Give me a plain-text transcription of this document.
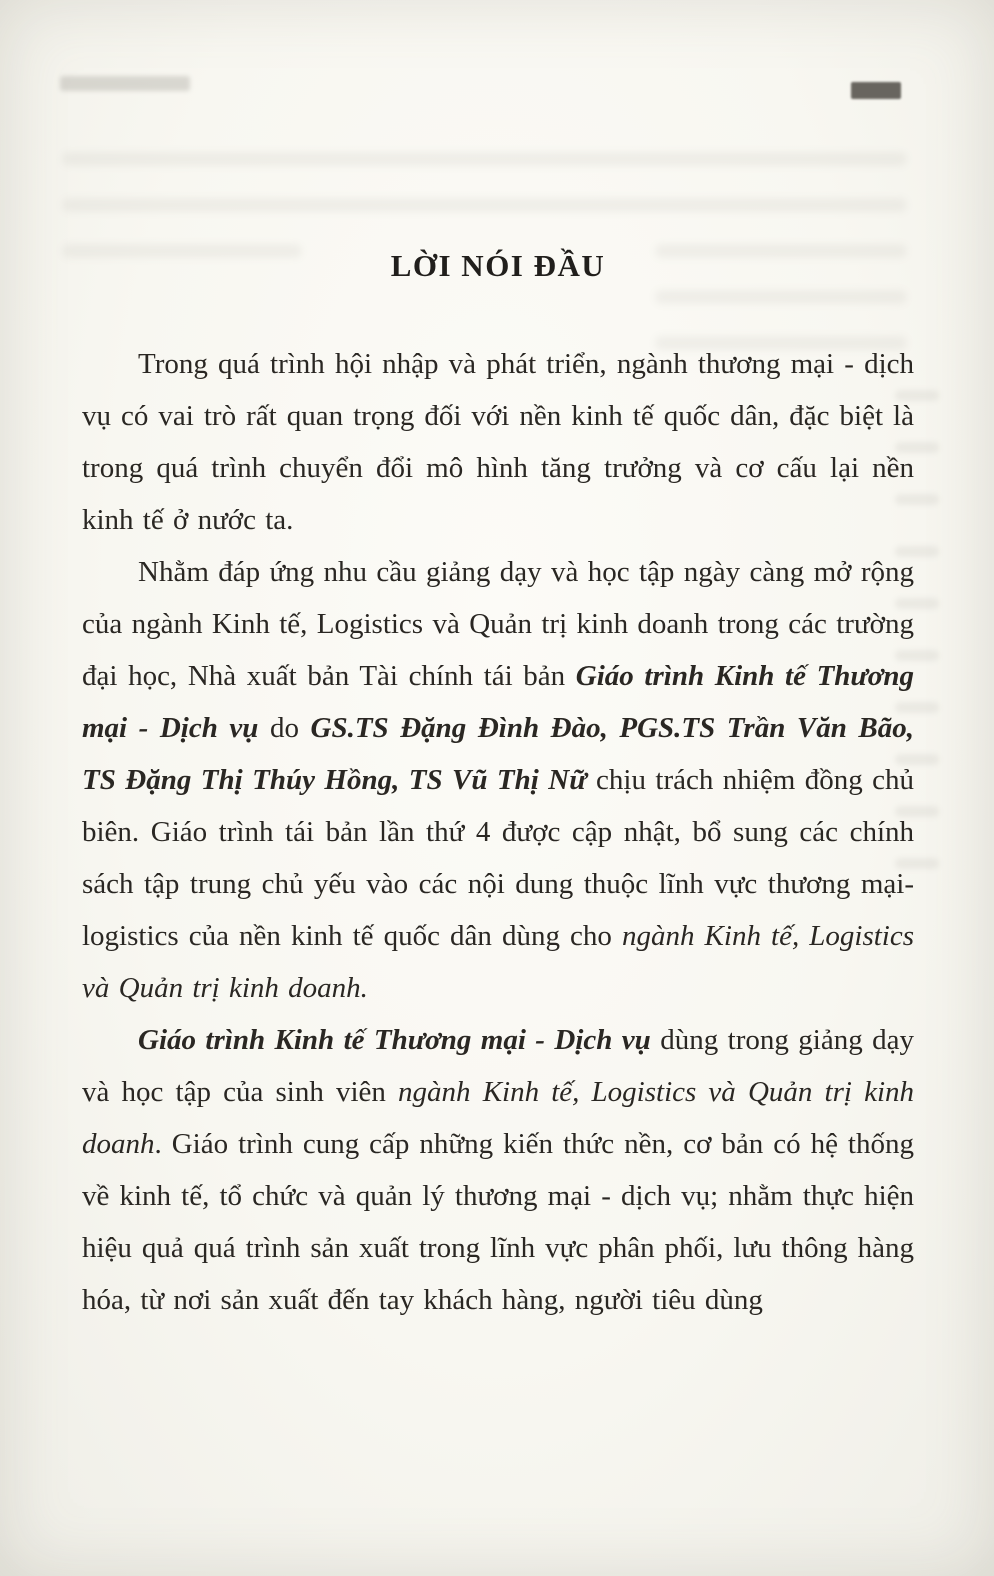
LỜI NÓI ĐẦU

Trong quá trình hội nhập và phát triển, ngành thương mại - dịch vụ có vai trò rất quan trọng đối với nền kinh tế quốc dân, đặc biệt là trong quá trình chuyển đổi mô hình tăng trưởng và cơ cấu lại nền kinh tế ở nước ta.

Nhằm đáp ứng nhu cầu giảng dạy và học tập ngày càng mở rộng của ngành Kinh tế, Logistics và Quản trị kinh doanh trong các trường đại học, Nhà xuất bản Tài chính tái bản Giáo trình Kinh tế Thương mại - Dịch vụ do GS.TS Đặng Đình Đào, PGS.TS Trần Văn Bão, TS Đặng Thị Thúy Hồng, TS Vũ Thị Nữ chịu trách nhiệm đồng chủ biên. Giáo trình tái bản lần thứ 4 được cập nhật, bổ sung các chính sách tập trung chủ yếu vào các nội dung thuộc lĩnh vực thương mại- logistics của nền kinh tế quốc dân dùng cho ngành Kinh tế, Logistics và Quản trị kinh doanh.

Giáo trình Kinh tế Thương mại - Dịch vụ dùng trong giảng dạy và học tập của sinh viên ngành Kinh tế, Logistics và Quản trị kinh doanh. Giáo trình cung cấp những kiến thức nền, cơ bản có hệ thống về kinh tế, tổ chức và quản lý thương mại - dịch vụ; nhằm thực hiện hiệu quả quá trình sản xuất trong lĩnh vực phân phối, lưu thông hàng hóa, từ nơi sản xuất đến tay khách hàng, người tiêu dùng
